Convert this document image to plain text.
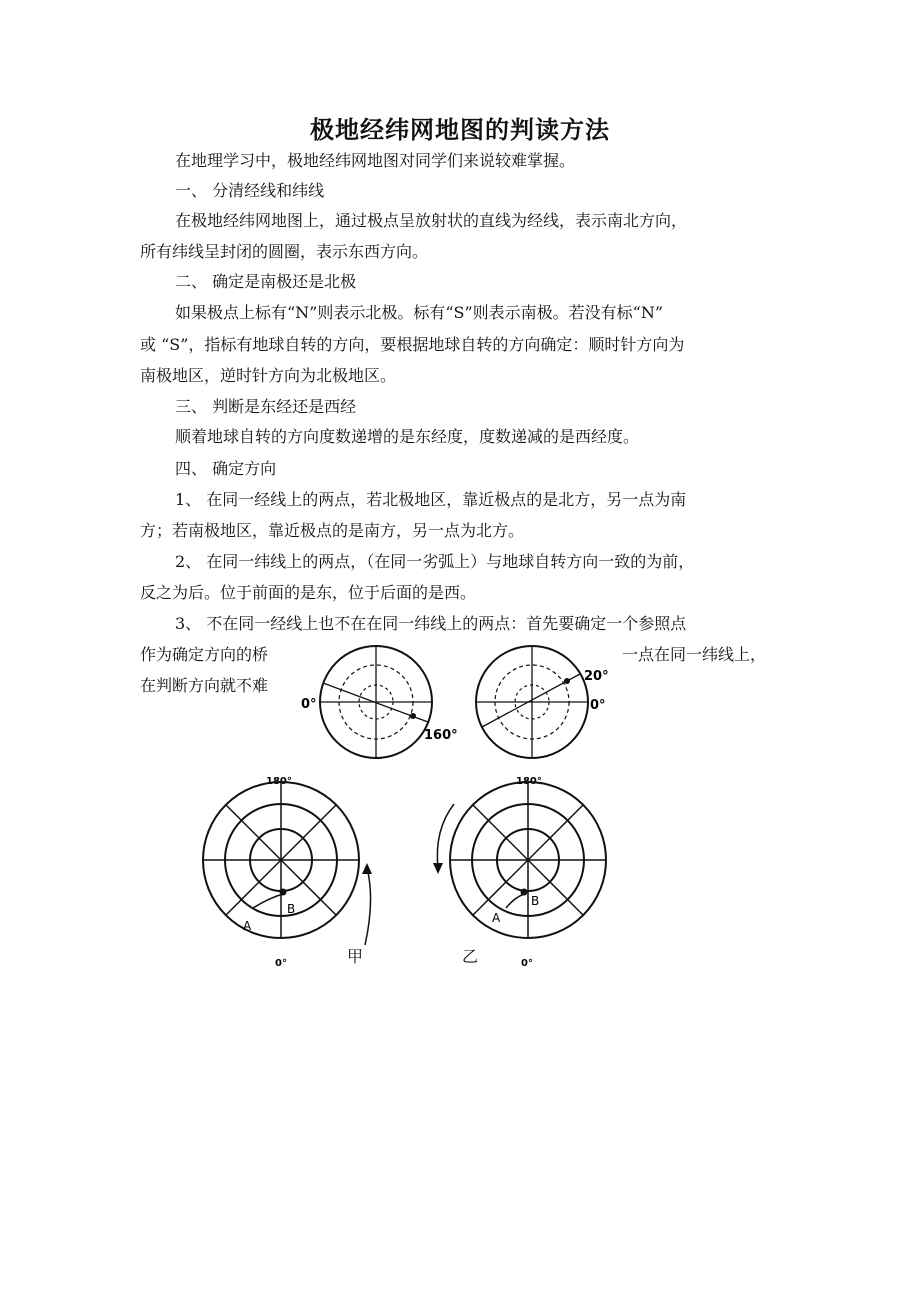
极地经纬网地图的判读方法

在地理学习中，极地经纬网地图对同学们来说较难掌握。

一、 分清经线和纬线

在极地经纬网地图上，通过极点呈放射状的直线为经线，表示南北方向，

所有纬线呈封闭的圆圈，表示东西方向。

二、 确定是南极还是北极

如果极点上标有“N”则表示北极。标有“S”则表示南极。若没有标“N”

或 “S”，指标有地球自转的方向，要根据地球自转的方向确定：顺时针方向为

南极地区，逆时针方向为北极地区。

三、 判断是东经还是西经

顺着地球自转的方向度数递增的是东经度，度数递减的是西经度。

四、 确定方向

1、 在同一经线上的两点，若北极地区，靠近极点的是北方，另一点为南

方；若南极地区，靠近极点的是南方，另一点为北方。

2、 在同一纬线上的两点，（在同一劣弧上）与地球自转方向一致的为前，

反之为后。位于前面的是东，位于后面的是西。

3、 不在同一经线上也不在在同一纬线上的两点：首先要确定一个参照点

作为确定方向的桥	一点在同一纬线上，

在判断方向就不难

0°
160°
20°
0°
180°
A
B
0°	甲

180°
A
B
0°

乙
